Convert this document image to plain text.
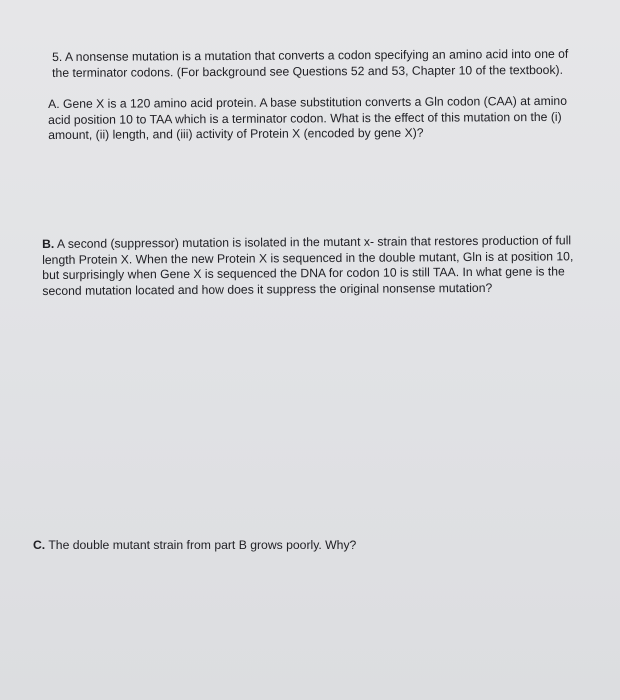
5. A nonsense mutation is a mutation that converts a codon specifying an amino acid into one of the terminator codons. (For background see Questions 52 and 53, Chapter 10 of the textbook).

A. Gene X is a 120 amino acid protein. A base substitution converts a Gln codon (CAA) at amino acid position 10 to TAA which is a terminator codon. What is the effect of this mutation on the (i) amount, (ii) length, and (iii) activity of Protein X (encoded by gene X)?

B. A second (suppressor) mutation is isolated in the mutant x- strain that restores production of full length Protein X. When the new Protein X is sequenced in the double mutant, Gln is at position 10, but surprisingly when Gene X is sequenced the DNA for codon 10 is still TAA. In what gene is the second mutation located and how does it suppress the original nonsense mutation?

C. The double mutant strain from part B grows poorly. Why?
